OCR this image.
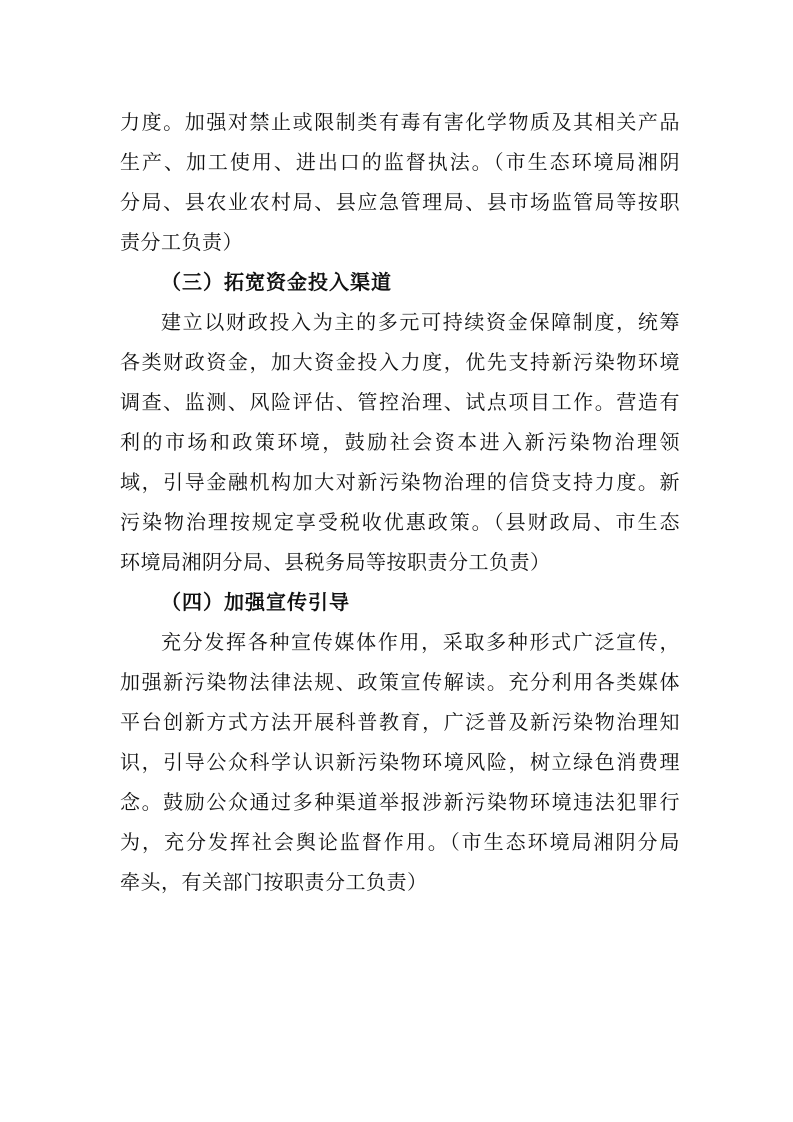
力度。加强对禁止或限制类有毒有害化学物质及其相关产品
生产、加工使用、进出口的监督执法。（市生态环境局湘阴
分局、县农业农村局、县应急管理局、县市场监管局等按职
责分工负责）
（三）拓宽资金投入渠道
建立以财政投入为主的多元可持续资金保障制度，统筹
各类财政资金，加大资金投入力度，优先支持新污染物环境
调查、监测、风险评估、管控治理、试点项目工作。营造有
利的市场和政策环境，鼓励社会资本进入新污染物治理领
域，引导金融机构加大对新污染物治理的信贷支持力度。新
污染物治理按规定享受税收优惠政策。（县财政局、市生态
环境局湘阴分局、县税务局等按职责分工负责）
（四）加强宣传引导
充分发挥各种宣传媒体作用，采取多种形式广泛宣传，
加强新污染物法律法规、政策宣传解读。充分利用各类媒体
平台创新方式方法开展科普教育，广泛普及新污染物治理知
识，引导公众科学认识新污染物环境风险，树立绿色消费理
念。鼓励公众通过多种渠道举报涉新污染物环境违法犯罪行
为，充分发挥社会舆论监督作用。（市生态环境局湘阴分局
牵头，有关部门按职责分工负责）
